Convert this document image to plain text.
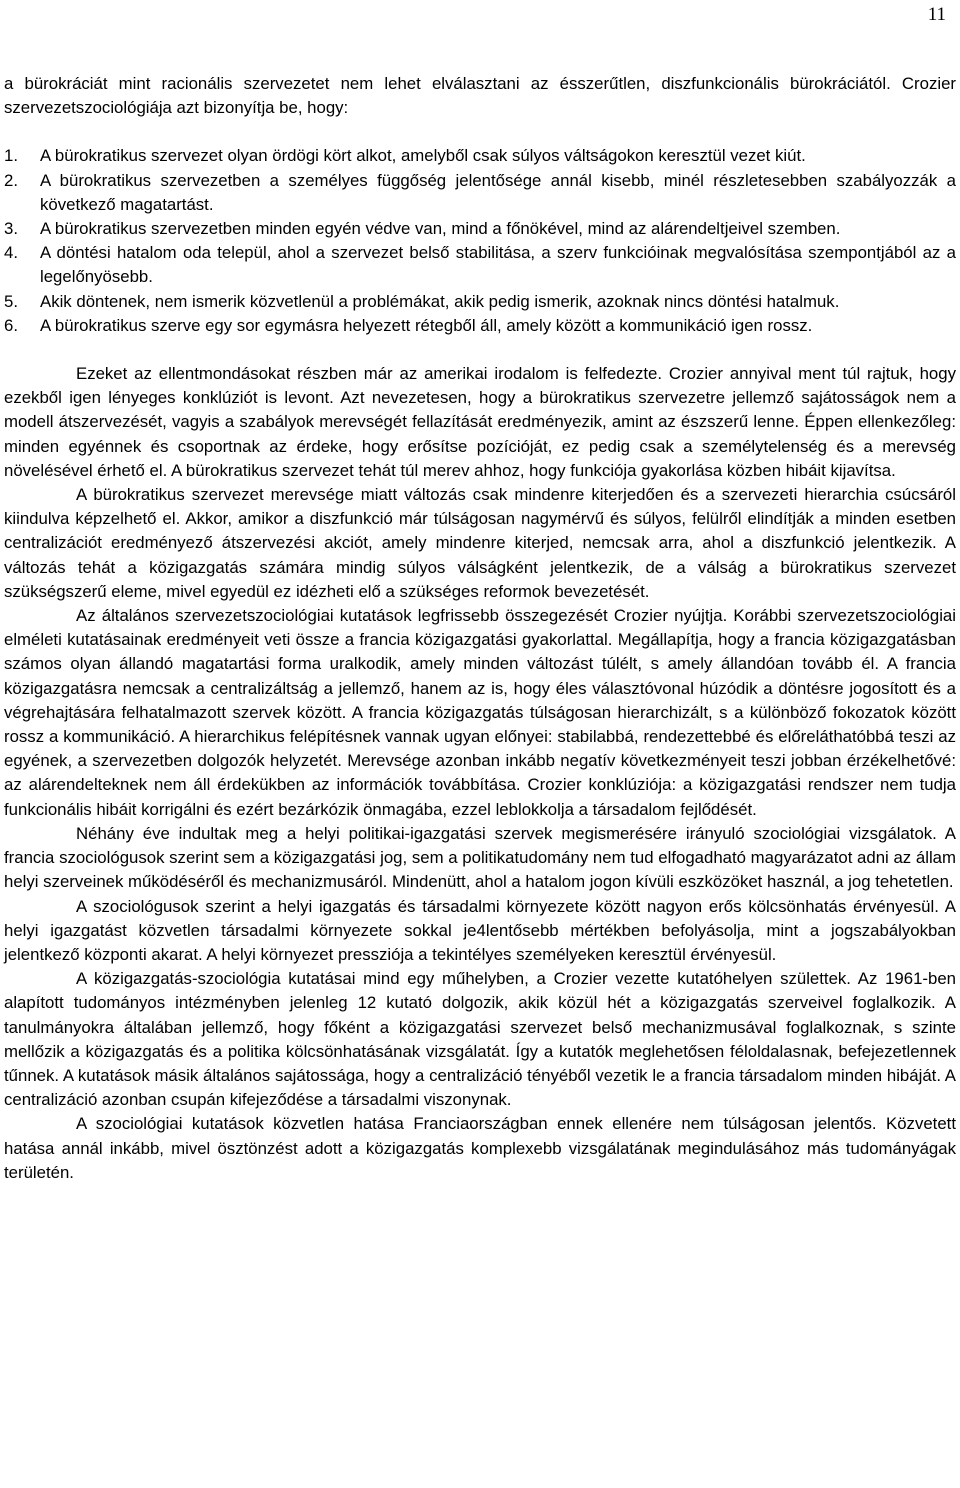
11

a bürokráciát mint racionális szervezetet nem lehet elválasztani az ésszerűtlen, diszfunkcionális bürokráciától. Crozier szervezetszociológiája azt bizonyítja be, hogy:

1. A bürokratikus szervezet olyan ördögi kört alkot, amelyből csak súlyos váltságokon keresztül vezet kiút.
2. A bürokratikus szervezetben a személyes függőség jelentősége annál kisebb, minél részletesebben szabályozzák a következő magatartást.
3. A bürokratikus szervezetben minden egyén védve van, mind a főnökével, mind az alárendeltjeivel szemben.
4. A döntési hatalom oda települ, ahol a szervezet belső stabilitása, a szerv funkcióinak megvalósítása szempontjából az a legelőnyösebb.
5. Akik döntenek, nem ismerik közvetlenül a problémákat, akik pedig ismerik, azoknak nincs döntési hatalmuk.
6. A bürokratikus szerve egy sor egymásra helyezett rétegből áll, amely között a kommunikáció igen rossz.

Ezeket az ellentmondásokat részben már az amerikai irodalom is felfedezte. Crozier annyival ment túl rajtuk, hogy ezekből igen lényeges konklúziót is levont. Azt nevezetesen, hogy a bürokratikus szervezetre jellemző sajátosságok nem a modell átszervezését, vagyis a szabályok merevségét fellazítását eredményezik, amint az észszerű lenne. Éppen ellenkezőleg: minden egyénnek és csoportnak az érdeke, hogy erősítse pozícióját, ez pedig csak a személytelenség és a merevség növelésével érhető el. A bürokratikus szervezet tehát túl merev ahhoz, hogy funkciója gyakorlása közben hibáit kijavítsa.

A bürokratikus szervezet merevsége miatt változás csak mindenre kiterjedően és a szervezeti hierarchia csúcsáról kiindulva képzelhető el. Akkor, amikor a diszfunkció már túlságosan nagymérvű és súlyos, felülről elindítják a minden esetben centralizációt eredményező átszervezési akciót, amely mindenre kiterjed, nemcsak arra, ahol a diszfunkció jelentkezik. A változás tehát a közigazgatás számára mindig súlyos válságként jelentkezik, de a válság a bürokratikus szervezet szükségszerű eleme, mivel egyedül ez idézheti elő a szükséges reformok bevezetését.

Az általános szervezetszociológiai kutatások legfrissebb összegezését Crozier nyújtja. Korábbi szervezetszociológiai elméleti kutatásainak eredményeit veti össze a francia közigazgatási gyakorlattal. Megállapítja, hogy a francia közigazgatásban számos olyan állandó magatartási forma uralkodik, amely minden változást túlélt, s amely állandóan tovább él. A francia közigazgatásra nemcsak a centralizáltság a jellemző, hanem az is, hogy éles választóvonal húzódik a döntésre jogosított és a végrehajtására felhatalmazott szervek között. A francia közigazgatás túlságosan hierarchizált, s a különböző fokozatok között rossz a kommunikáció. A hierarchikus felépítésnek vannak ugyan előnyei: stabilabbá, rendezettebbé és előreláthatóbbá teszi az egyének, a szervezetben dolgozók helyzetét. Merevsége azonban inkább negatív következményeit teszi jobban érzékelhetővé: az alárendelteknek nem áll érdekükben az információk továbbítása. Crozier konklúziója: a közigazgatási rendszer nem tudja funkcionális hibáit korrigálni és ezért bezárkózik önmagába, ezzel leblokkolja a társadalom fejlődését.

Néhány éve indultak meg a helyi politikai-igazgatási szervek megismerésére irányuló szociológiai vizsgálatok. A francia szociológusok szerint sem a közigazgatási jog, sem a politikatudomány nem tud elfogadható magyarázatot adni az állam helyi szerveinek működéséről és mechanizmusáról. Mindenütt, ahol a hatalom jogon kívüli eszközöket használ, a jog tehetetlen.

A szociológusok szerint a helyi igazgatás és társadalmi környezete között nagyon erős kölcsönhatás érvényesül. A helyi igazgatást közvetlen társadalmi környezete sokkal je4lentősebb mértékben befolyásolja, mint a jogszabályokban jelentkező központi akarat. A helyi környezet pressziója a tekintélyes személyeken keresztül érvényesül.

A közigazgatás-szociológia kutatásai mind egy műhelyben, a Crozier vezette kutatóhelyen születtek. Az 1961-ben alapított tudományos intézményben jelenleg 12 kutató dolgozik, akik közül hét a közigazgatás szerveivel foglalkozik. A tanulmányokra általában jellemző, hogy főként a közigazgatási szervezet belső mechanizmusával foglalkoznak, s szinte mellőzik a közigazgatás és a politika kölcsönhatásának vizsgálatát. Így a kutatók meglehetősen féloldalasnak, befejezetlennek tűnnek. A kutatások másik általános sajátossága, hogy a centralizáció tényéből vezetik le a francia társadalom minden hibáját. A centralizáció azonban csupán kifejeződése a társadalmi viszonynak.

A szociológiai kutatások közvetlen hatása Franciaországban ennek ellenére nem túlságosan jelentős. Közvetett hatása annál inkább, mivel ösztönzést adott a közigazgatás komplexebb vizsgálatának megindulásához más tudományágak területén.
